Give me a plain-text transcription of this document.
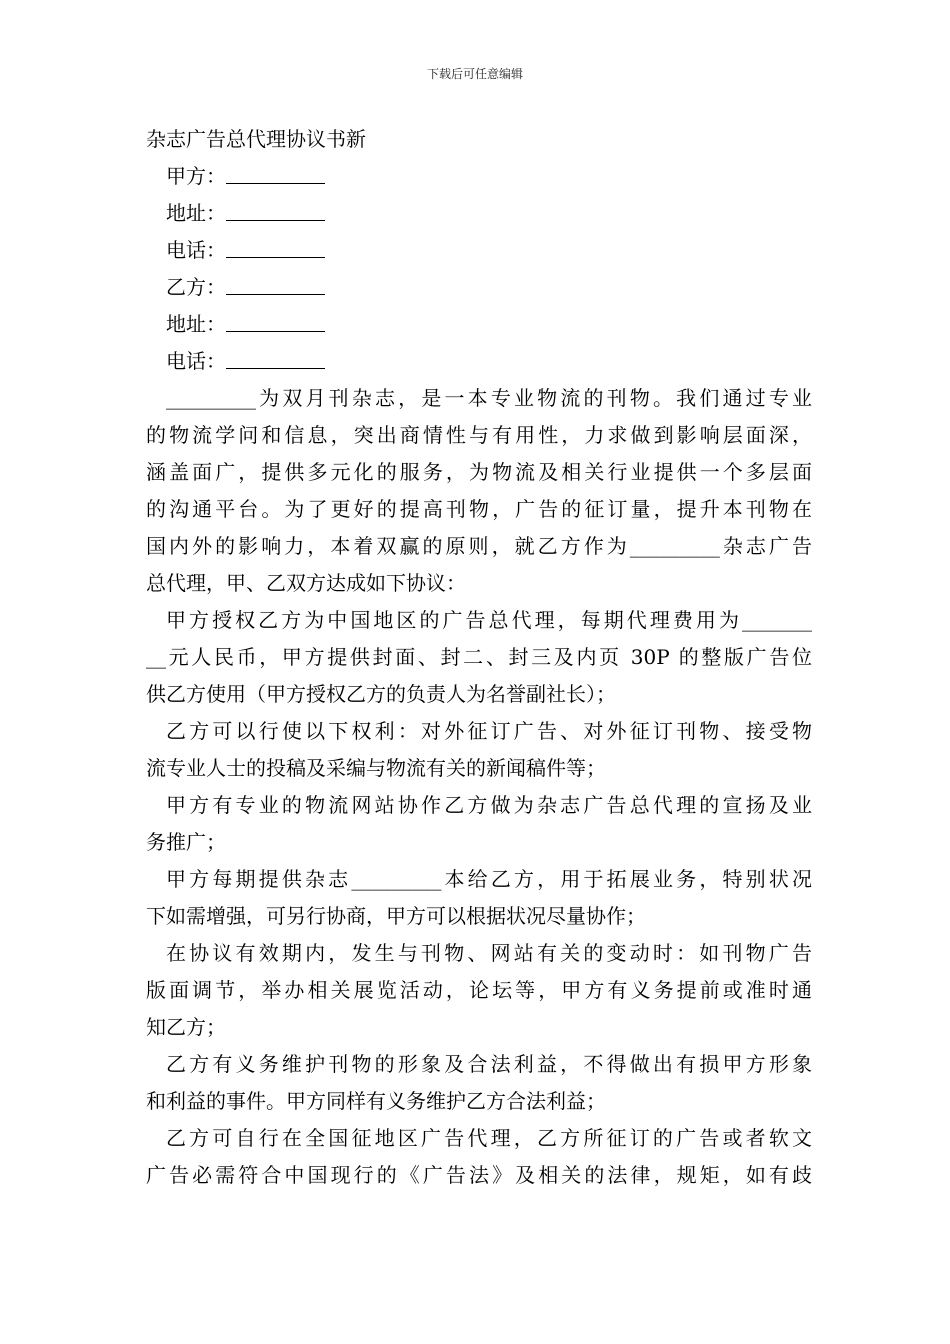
下载后可任意编辑
杂志广告总代理协议书新
甲方：
地址：
电话：
乙方：
地址：
电话：
_________为双月刊杂志，是一本专业物流的刊物。我们通过专业
的物流学问和信息，突出商情性与有用性，力求做到影响层面深，
涵盖面广，提供多元化的服务，为物流及相关行业提供一个多层面
的沟通平台。为了更好的提高刊物，广告的征订量，提升本刊物在
国内外的影响力，本着双赢的原则，就乙方作为_________杂志广告
总代理，甲、乙双方达成如下协议：
甲方授权乙方为中国地区的广告总代理，每期代理费用为_______
__元人民币，甲方提供封面、封二、封三及内页 30P 的整版广告位
供乙方使用（甲方授权乙方的负责人为名誉副社长）；
乙方可以行使以下权利：对外征订广告、对外征订刊物、接受物
流专业人士的投稿及采编与物流有关的新闻稿件等；
甲方有专业的物流网站协作乙方做为杂志广告总代理的宣扬及业
务推广；
甲方每期提供杂志_________本给乙方，用于拓展业务，特别状况
下如需增强，可另行协商，甲方可以根据状况尽量协作；
在协议有效期内，发生与刊物、网站有关的变动时：如刊物广告
版面调节，举办相关展览活动，论坛等，甲方有义务提前或准时通
知乙方；
乙方有义务维护刊物的形象及合法利益，不得做出有损甲方形象
和利益的事件。甲方同样有义务维护乙方合法利益；
乙方可自行在全国征地区广告代理，乙方所征订的广告或者软文
广告必需符合中国现行的《广告法》及相关的法律，规矩，如有歧
